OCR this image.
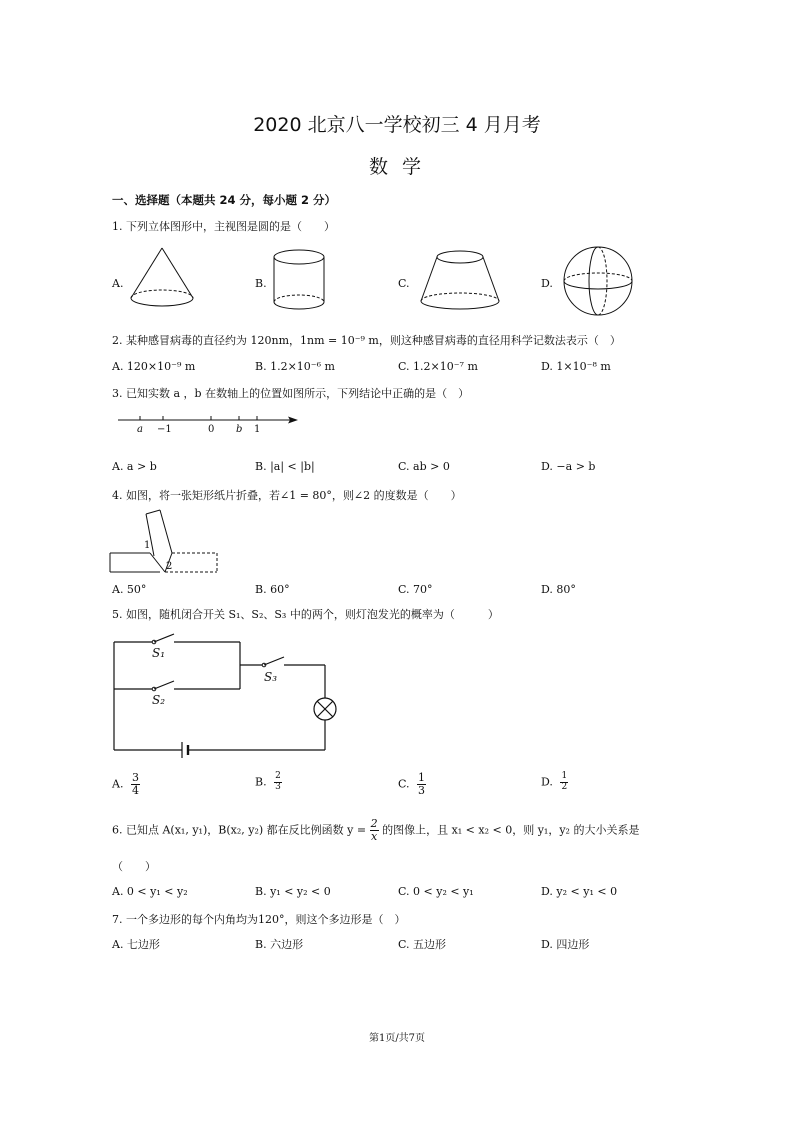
2020 北京八一学校初三 4 月月考
数 学
一、选择题（本题共 24 分，每小题 2 分）
1. 下列立体图形中，主视图是圆的是（　　）
A.	B.	C.	D.
2. 某种感冒病毒的直径约为 120nm，1nm = 10⁻⁹ m，则这种感冒病毒的直径用科学记数法表示（　）
A. 120×10⁻⁹ m	B. 1.2×10⁻⁶ m	C. 1.2×10⁻⁷ m	D. 1×10⁻⁸ m
3. 已知实数 a ，b 在数轴上的位置如图所示，下列结论中正确的是（　）
a −1	0 b 1
A. a > b	B. |a| < |b|	C. ab > 0	D. −a > b
4. 如图，将一张矩形纸片折叠，若∠1 = 80°，则∠2 的度数是（　　）
1
2
A. 50°	B. 60°	C. 70°	D. 80°
5. 如图，随机闭合开关 S₁、S₂、S₃ 中的两个，则灯泡发光的概率为（　　　）
S₁
S₂
S₃
A. $\frac{3}{4}$	B. $\frac{2}{3}$	C. $\frac{1}{3}$	D. $\frac{1}{2}$
6. 已知点 A(x₁, y₁)，B(x₂, y₂) 都在反比例函数 $y = \frac{2}{x}$ 的图像上，且 x₁ < x₂ < 0，则 y₁，y₂ 的大小关系是
（　　）
A. 0 < y₁ < y₂	B. y₁ < y₂ < 0	C. 0 < y₂ < y₁	D. y₂ < y₁ < 0
7. 一个多边形的每个内角均为120°，则这个多边形是（　）
A. 七边形	B. 六边形	C. 五边形	D. 四边形
第1页/共7页
